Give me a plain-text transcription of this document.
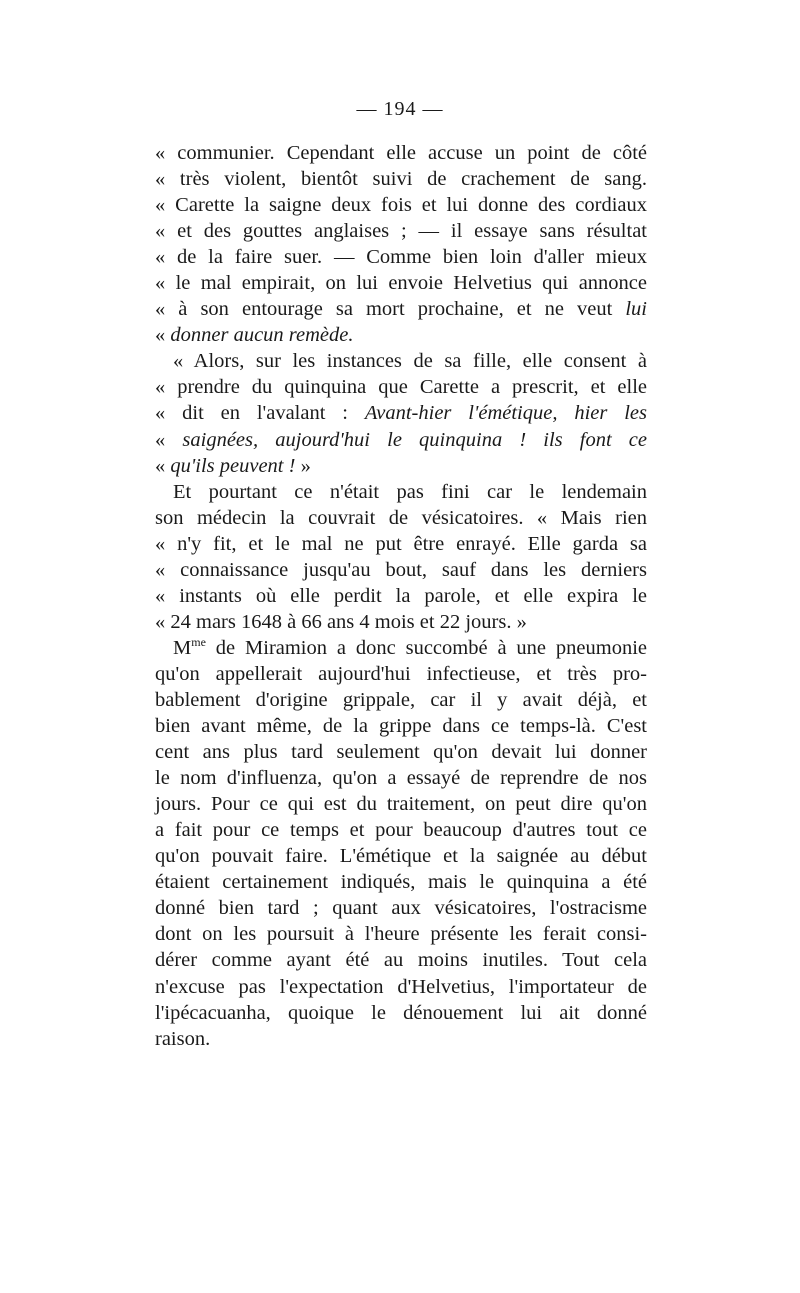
— 194 —
« communier. Cependant elle accuse un point de côté
« très violent, bientôt suivi de crachement de sang.
« Carette la saigne deux fois et lui donne des cordiaux
« et des gouttes anglaises ; — il essaye sans résultat
« de la faire suer. — Comme bien loin d'aller mieux
« le mal empirait, on lui envoie Helvetius qui annonce
« à son entourage sa mort prochaine, et ne veut lui
« donner aucun remède.
« Alors, sur les instances de sa fille, elle consent à
« prendre du quinquina que Carette a prescrit, et elle
« dit en l'avalant : Avant-hier l'émétique, hier les
« saignées, aujourd'hui le quinquina ! ils font ce
« qu'ils peuvent ! »
Et pourtant ce n'était pas fini car le lendemain
son médecin la couvrait de vésicatoires. « Mais rien
« n'y fit, et le mal ne put être enrayé. Elle garda sa
« connaissance jusqu'au bout, sauf dans les derniers
« instants où elle perdit la parole, et elle expira le
« 24 mars 1648 à 66 ans 4 mois et 22 jours. »
$M^{me}$ de Miramion a donc succombé à une pneumonie
qu'on appellerait aujourd'hui infectieuse, et très pro-
bablement d'origine grippale, car il y avait déjà, et
bien avant même, de la grippe dans ce temps-là. C'est
cent ans plus tard seulement qu'on devait lui donner
le nom d'influenza, qu'on a essayé de reprendre de nos
jours. Pour ce qui est du traitement, on peut dire qu'on
a fait pour ce temps et pour beaucoup d'autres tout ce
qu'on pouvait faire. L'émétique et la saignée au début
étaient certainement indiqués, mais le quinquina a été
donné bien tard ; quant aux vésicatoires, l'ostracisme
dont on les poursuit à l'heure présente les ferait consi-
dérer comme ayant été au moins inutiles. Tout cela
n'excuse pas l'expectation d'Helvetius, l'importateur de
l'ipécacuanha, quoique le dénouement lui ait donné
raison.
